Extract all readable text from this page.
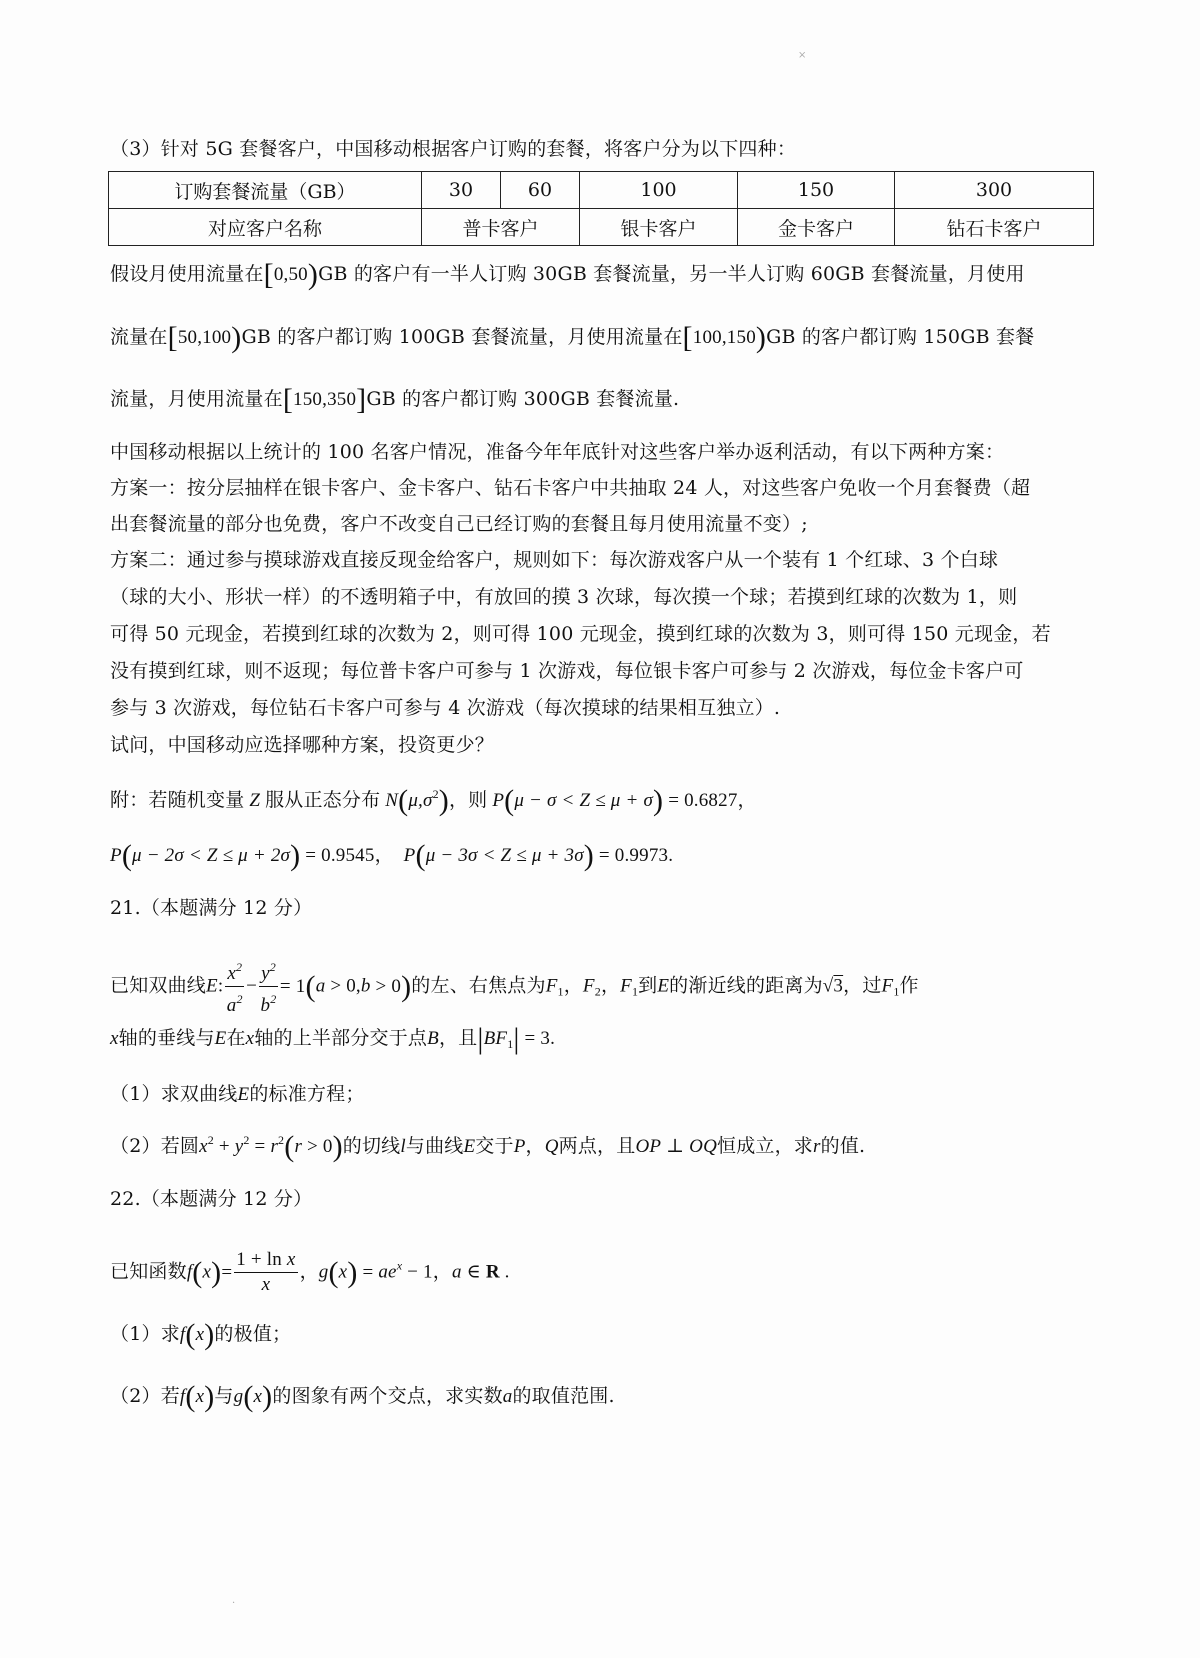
×
（3）针对 5G 套餐客户，中国移动根据客户订购的套餐，将客户分为以下四种：
订购套餐流量（GB）	30	60	100	150	300
对应客户名称	普卡客户		银卡客户	金卡客户	钻石卡客户
假设月使用流量在[0,50)GB 的客户有一半人订购 30GB 套餐流量，另一半人订购 60GB 套餐流量，月使用
流量在[50,100)GB 的客户都订购 100GB 套餐流量，月使用流量在[100,150)GB 的客户都订购 150GB 套餐
流量，月使用流量在[150,350]GB 的客户都订购 300GB 套餐流量.
中国移动根据以上统计的 100 名客户情况，准备今年年底针对这些客户举办返利活动，有以下两种方案：
方案一：按分层抽样在银卡客户、金卡客户、钻石卡客户中共抽取 24 人，对这些客户免收一个月套餐费（超
出套餐流量的部分也免费，客户不改变自己已经订购的套餐且每月使用流量不变）;
方案二：通过参与摸球游戏直接反现金给客户，规则如下：每次游戏客户从一个装有 1 个红球、3 个白球
（球的大小、形状一样）的不透明箱子中，有放回的摸 3 次球，每次摸一个球；若摸到红球的次数为 1，则
可得 50 元现金，若摸到红球的次数为 2，则可得 100 元现金，摸到红球的次数为 3，则可得 150 元现金，若
没有摸到红球，则不返现；每位普卡客户可参与 1 次游戏，每位银卡客户可参与 2 次游戏，每位金卡客户可
参与 3 次游戏，每位钻石卡客户可参与 4 次游戏（每次摸球的结果相互独立）.
试问，中国移动应选择哪种方案，投资更少？
附：若随机变量 Z 服从正态分布 $N(\mu,\sigma^2)$，则 P(μ − σ < Z ≤ μ + σ) = 0.6827，
P(μ − 2σ < Z ≤ μ + 2σ) = 0.9545，  P(μ − 3σ < Z ≤ μ + 3σ) = 0.9973.
21.（本题满分 12 分）
已知双曲线E: $\frac{x^2}{a^2} - \frac{y^2}{b^2} = 1(a > 0,b > 0)$的左、右焦点为$F_1$，$F_2$，$F_1$到E的渐近线的距离为√3，过$F_1$作
x轴的垂线与E在x轴的上半部分交于点B，且$|BF_1| = 3$.
（1）求双曲线E的标准方程；
（2）若圆$x^2 + y^2 = r^2(r > 0)$的切线l与曲线E交于P，Q两点，且OP ⊥ OQ恒成立，求r的值.
22.（本题满分 12 分）
已知函数$f(x)= \frac{\text{1 + ln x}}{x}$ ，$g(x) = ae^x - 1$，a ∈ R .
（1）求f(x)的极值；
（2）若f(x)与g(x)的图象有两个交点，求实数a的取值范围.
·
